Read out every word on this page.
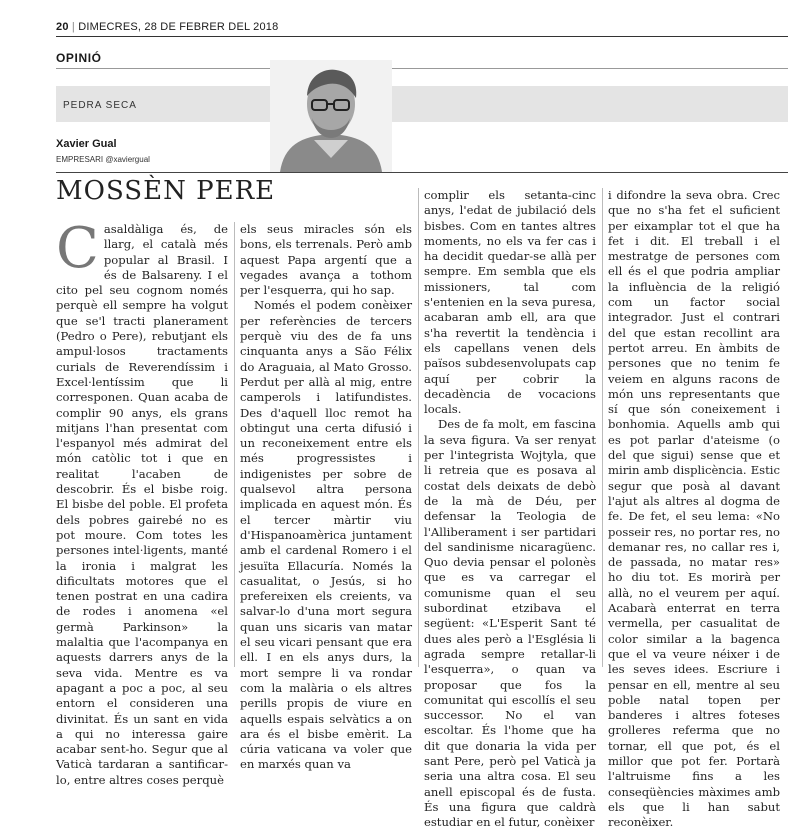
20 | DIMECRES, 28 DE FEBRER DEL 2018
OPINIÓ
PEDRA SECA
Xavier Gual
EMPRESARI @xaviergual
MOSSÈN PERE

Casaldàliga és, de llarg, el català més popular al Brasil. I és de Balsareny. I el cito pel seu cognom només perquè ell sempre ha volgut que se'l tracti planerament (Pedro o Pere), rebutjant els ampul·losos tractaments curials de Reverendíssim i Excel·lentíssim que li corresponen. Quan acaba de complir 90 anys, els grans mitjans l'han presentat com l'espanyol més admirat del món catòlic tot i que en realitat l'acaben de descobrir. És el bisbe roig. El bisbe del poble. El profeta dels pobres gairebé no es pot moure. Com totes les persones intel·ligents, manté la ironia i malgrat les dificultats motores que el tenen postrat en una cadira de rodes i anomena «el germà Parkinson» la malaltia que l'acompanya en aquests darrers anys de la seva vida. Mentre es va apagant a poc a poc, al seu entorn el consideren una divinitat. És un sant en vida a qui no interessa gaire acabar sent-ho. Segur que al Vaticà tardaran a santificar-lo, entre altres coses perquè

els seus miracles són els bons, els terrenals. Però amb aquest Papa argentí que a vegades avança a tothom per l'esquerra, qui ho sap.

Només el podem conèixer per referències de tercers perquè viu des de fa uns cinquanta anys a São Félix do Araguaia, al Mato Grosso. Perdut per allà al mig, entre camperols i latifundistes. Des d'aquell lloc remot ha obtingut una certa difusió i un reconeixement entre els més progressistes i indigenistes per sobre de qualsevol altra persona implicada en aquest món. És el tercer màrtir viu d'Hispanoamèrica juntament amb el cardenal Romero i el jesuïta Ellacuría. Només la casualitat, o Jesús, si ho prefereixen els creients, va salvar-lo d'una mort segura quan uns sicaris van matar el seu vicari pensant que era ell. I en els anys durs, la mort sempre li va rondar com la malària o els altres perills propis de viure en aquells espais selvàtics a on ara és el bisbe emèrit. La cúria vaticana va voler que en marxés quan va

complir els setanta-cinc anys, l'edat de jubilació dels bisbes. Com en tantes altres moments, no els va fer cas i ha decidit quedar-se allà per sempre. Em sembla que els missioners, tal com s'entenien en la seva puresa, acabaran amb ell, ara que s'ha revertit la tendència i els capellans venen dels països subdesenvolupats cap aquí per cobrir la decadència de vocacions locals.

Des de fa molt, em fascina la seva figura. Va ser renyat per l'integrista Wojtyla, que li retreia que es posava al costat dels deixats de debò de la mà de Déu, per defensar la Teologia de l'Alliberament i ser partidari del sandinisme nicaragüenc. Quo devia pensar el polonès que es va carregar el comunisme quan el seu subordinat etzibava el següent: «L'Esperit Sant té dues ales però a l'Església li agrada sempre retallar-li l'esquerra», o quan va proposar que fos la comunitat qui escollís el seu successor. No el van escoltar. És l'home que ha dit que donaria la vida per sant Pere, però pel Vaticà ja seria una altra cosa. El seu anell episcopal és de fusta. És una figura que caldrà estudiar en el futur, conèixer

i difondre la seva obra. Crec que no s'ha fet el suficient per eixamplar tot el que ha fet i dit. El treball i el mestratge de persones com ell és el que podria ampliar la influència de la religió com un factor social integrador. Just el contrari del que estan recollint ara pertot arreu. En àmbits de persones que no tenim fe veiem en alguns racons de món uns representants que sí que són coneixement i bonhomia. Aquells amb qui es pot parlar d'ateisme (o del que sigui) sense que et mirin amb displicència. Estic segur que posà al davant l'ajut als altres al dogma de fe. De fet, el seu lema: «No posseir res, no portar res, no demanar res, no callar res i, de passada, no matar res» ho diu tot. Es morirà per allà, no el veurem per aquí. Acabarà enterrat en terra vermella, per casualitat de color similar a la bagenca que el va veure néixer i de les seves idees. Escriure i pensar en ell, mentre al seu poble natal topen per banderes i altres foteses grolleres referma que no tornar, ell que pot, és el millor que pot fer. Portarà l'altruisme fins a les conseqüències màximes amb els que li han sabut reconèixer.
